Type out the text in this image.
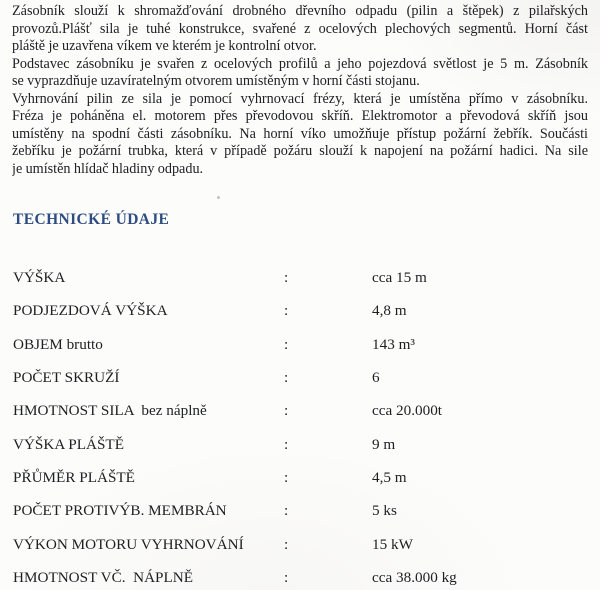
Zásobník slouží k shromažďování drobného dřevního odpadu (pilin a štěpek) z pilařských
provozů.Plášť sila je tuhé konstrukce, svařené z ocelových plechových segmentů. Horní část
pláště je uzavřena víkem ve kterém je kontrolní otvor.
Podstavec zásobníku je svařen z ocelových profilů a jeho pojezdová světlost je 5 m. Zásobník
se vyprazdňuje uzavíratelným otvorem umístěným v horní části stojanu.
Vyhrnování pilin ze sila je pomocí vyhrnovací frézy, která je umístěna přímo v zásobníku.
Fréza je poháněna el. motorem přes převodovou skříň. Elektromotor a převodová skříň jsou
umístěny na spodní části zásobníku. Na horní víko umožňuje přístup požární žebřík. Součásti
žebříku je požární trubka, která v případě požáru slouží k napojení na požární hadici. Na sile
je umístěn hlídač hladiny odpadu.
TECHNICKÉ ÚDAJE
VÝŠKA	:	cca 15 m
PODJEZDOVÁ VÝŠKA	:	4,8 m
OBJEM brutto	:	143 m³
POČET SKRUŽÍ	:	6
HMOTNOST SILA  bez náplně	:	cca 20.000t
VÝŠKA PLÁŠTĚ	:	9 m
PŘŮMĚR PLÁŠTĚ	:	4,5 m
POČET PROTIVÝB. MEMBRÁN	:	5 ks
VÝKON MOTORU VYHRNOVÁNÍ	:	15 kW
HMOTNOST VČ.  NÁPLNĚ	:	cca 38.000 kg
